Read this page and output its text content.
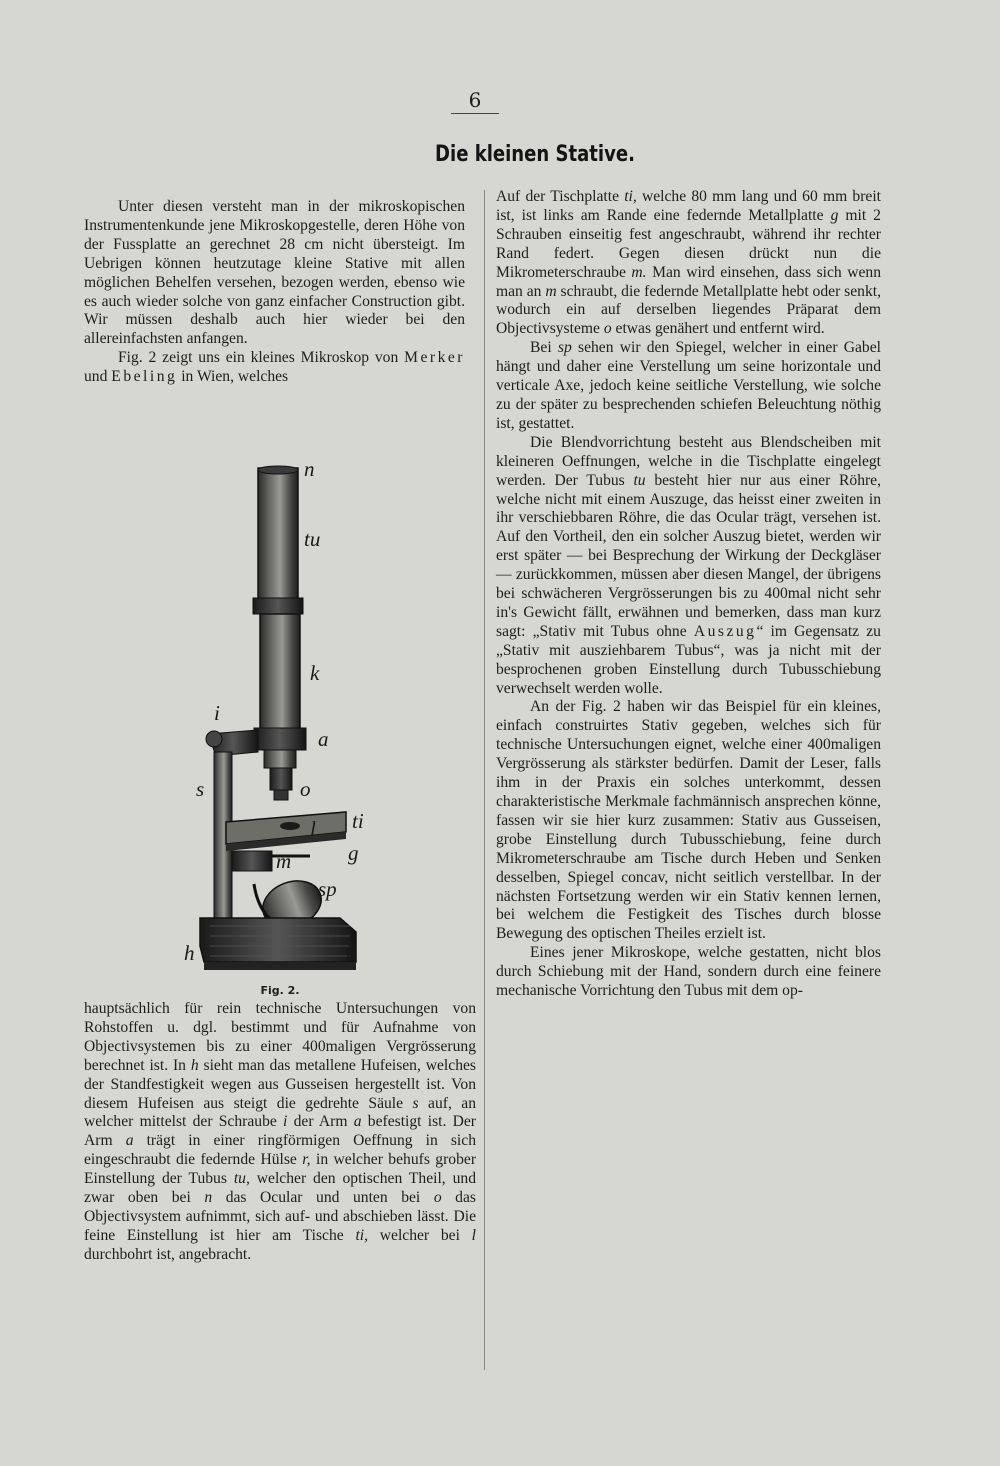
6
Die kleinen Stative.

Unter diesen versteht man in der mikroskopischen Instrumentenkunde jene Mikroskopgestelle, deren Höhe von der Fussplatte an gerechnet 28 cm nicht übersteigt. Im Uebrigen können heutzutage kleine Stative mit allen möglichen Behelfen versehen, bezogen werden, ebenso wie es auch wieder solche von ganz einfacher Construction gibt. Wir müssen deshalb auch hier wieder bei den allereinfachsten anfangen.

Fig. 2 zeigt uns ein kleines Mikroskop von Merker und Ebeling in Wien, welches

n
tu
k
i
a
s	o
ti
l
g
m
sp
h	h
Fig. 2.

hauptsächlich für rein technische Untersuchungen von Rohstoffen u. dgl. bestimmt und für Aufnahme von Objectivsystemen bis zu einer 400maligen Vergrösserung berechnet ist. In h sieht man das metallene Hufeisen, welches der Standfestigkeit wegen aus Gusseisen hergestellt ist. Von diesem Hufeisen aus steigt die gedrehte Säule s auf, an welcher mittelst der Schraube i der Arm a befestigt ist. Der Arm a trägt in einer ringförmigen Oeffnung in sich eingeschraubt die federnde Hülse r, in welcher behufs grober Einstellung der Tubus tu, welcher den optischen Theil, und zwar oben bei n das Ocular und unten bei o das Objectivsystem aufnimmt, sich auf- und abschieben lässt. Die feine Einstellung ist hier am Tische ti, welcher bei l durchbohrt ist, angebracht.

Auf der Tischplatte ti, welche 80 mm lang und 60 mm breit ist, ist links am Rande eine federnde Metallplatte g mit 2 Schrauben einseitig fest angeschraubt, während ihr rechter Rand federt. Gegen diesen drückt nun die Mikrometerschraube m. Man wird einsehen, dass sich wenn man an m schraubt, die federnde Metallplatte hebt oder senkt, wodurch ein auf derselben liegendes Präparat dem Objectivsysteme o etwas genähert und entfernt wird.

Bei sp sehen wir den Spiegel, welcher in einer Gabel hängt und daher eine Verstellung um seine horizontale und verticale Axe, jedoch keine seitliche Verstellung, wie solche zu der später zu besprechenden schiefen Beleuchtung nöthig ist, gestattet.

Die Blendvorrichtung besteht aus Blendscheiben mit kleineren Oeffnungen, welche in die Tischplatte eingelegt werden. Der Tubus tu besteht hier nur aus einer Röhre, welche nicht mit einem Auszuge, das heisst einer zweiten in ihr verschiebbaren Röhre, die das Ocular trägt, versehen ist. Auf den Vortheil, den ein solcher Auszug bietet, werden wir erst später — bei Besprechung der Wirkung der Deckgläser — zurückkommen, müssen aber diesen Mangel, der übrigens bei schwächeren Vergrösserungen bis zu 400mal nicht sehr in's Gewicht fällt, erwähnen und bemerken, dass man kurz sagt: „Stativ mit Tubus ohne Auszug“ im Gegensatz zu „Stativ mit ausziehbarem Tubus“, was ja nicht mit der besprochenen groben Einstellung durch Tubusschiebung verwechselt werden wolle.

An der Fig. 2 haben wir das Beispiel für ein kleines, einfach construirtes Stativ gegeben, welches sich für technische Untersuchungen eignet, welche einer 400maligen Vergrösserung als stärkster bedürfen. Damit der Leser, falls ihm in der Praxis ein solches unterkommt, dessen charakteristische Merkmale fachmännisch ansprechen könne, fassen wir sie hier kurz zusammen: Stativ aus Gusseisen, grobe Einstellung durch Tubusschiebung, feine durch Mikrometerschraube am Tische durch Heben und Senken desselben, Spiegel concav, nicht seitlich verstellbar. In der nächsten Fortsetzung werden wir ein Stativ kennen lernen, bei welchem die Festigkeit des Tisches durch blosse Bewegung des optischen Theiles erzielt ist.

Eines jener Mikroskope, welche gestatten, nicht blos durch Schiebung mit der Hand, sondern durch eine feinere mechanische Vorrichtung den Tubus mit dem op-
